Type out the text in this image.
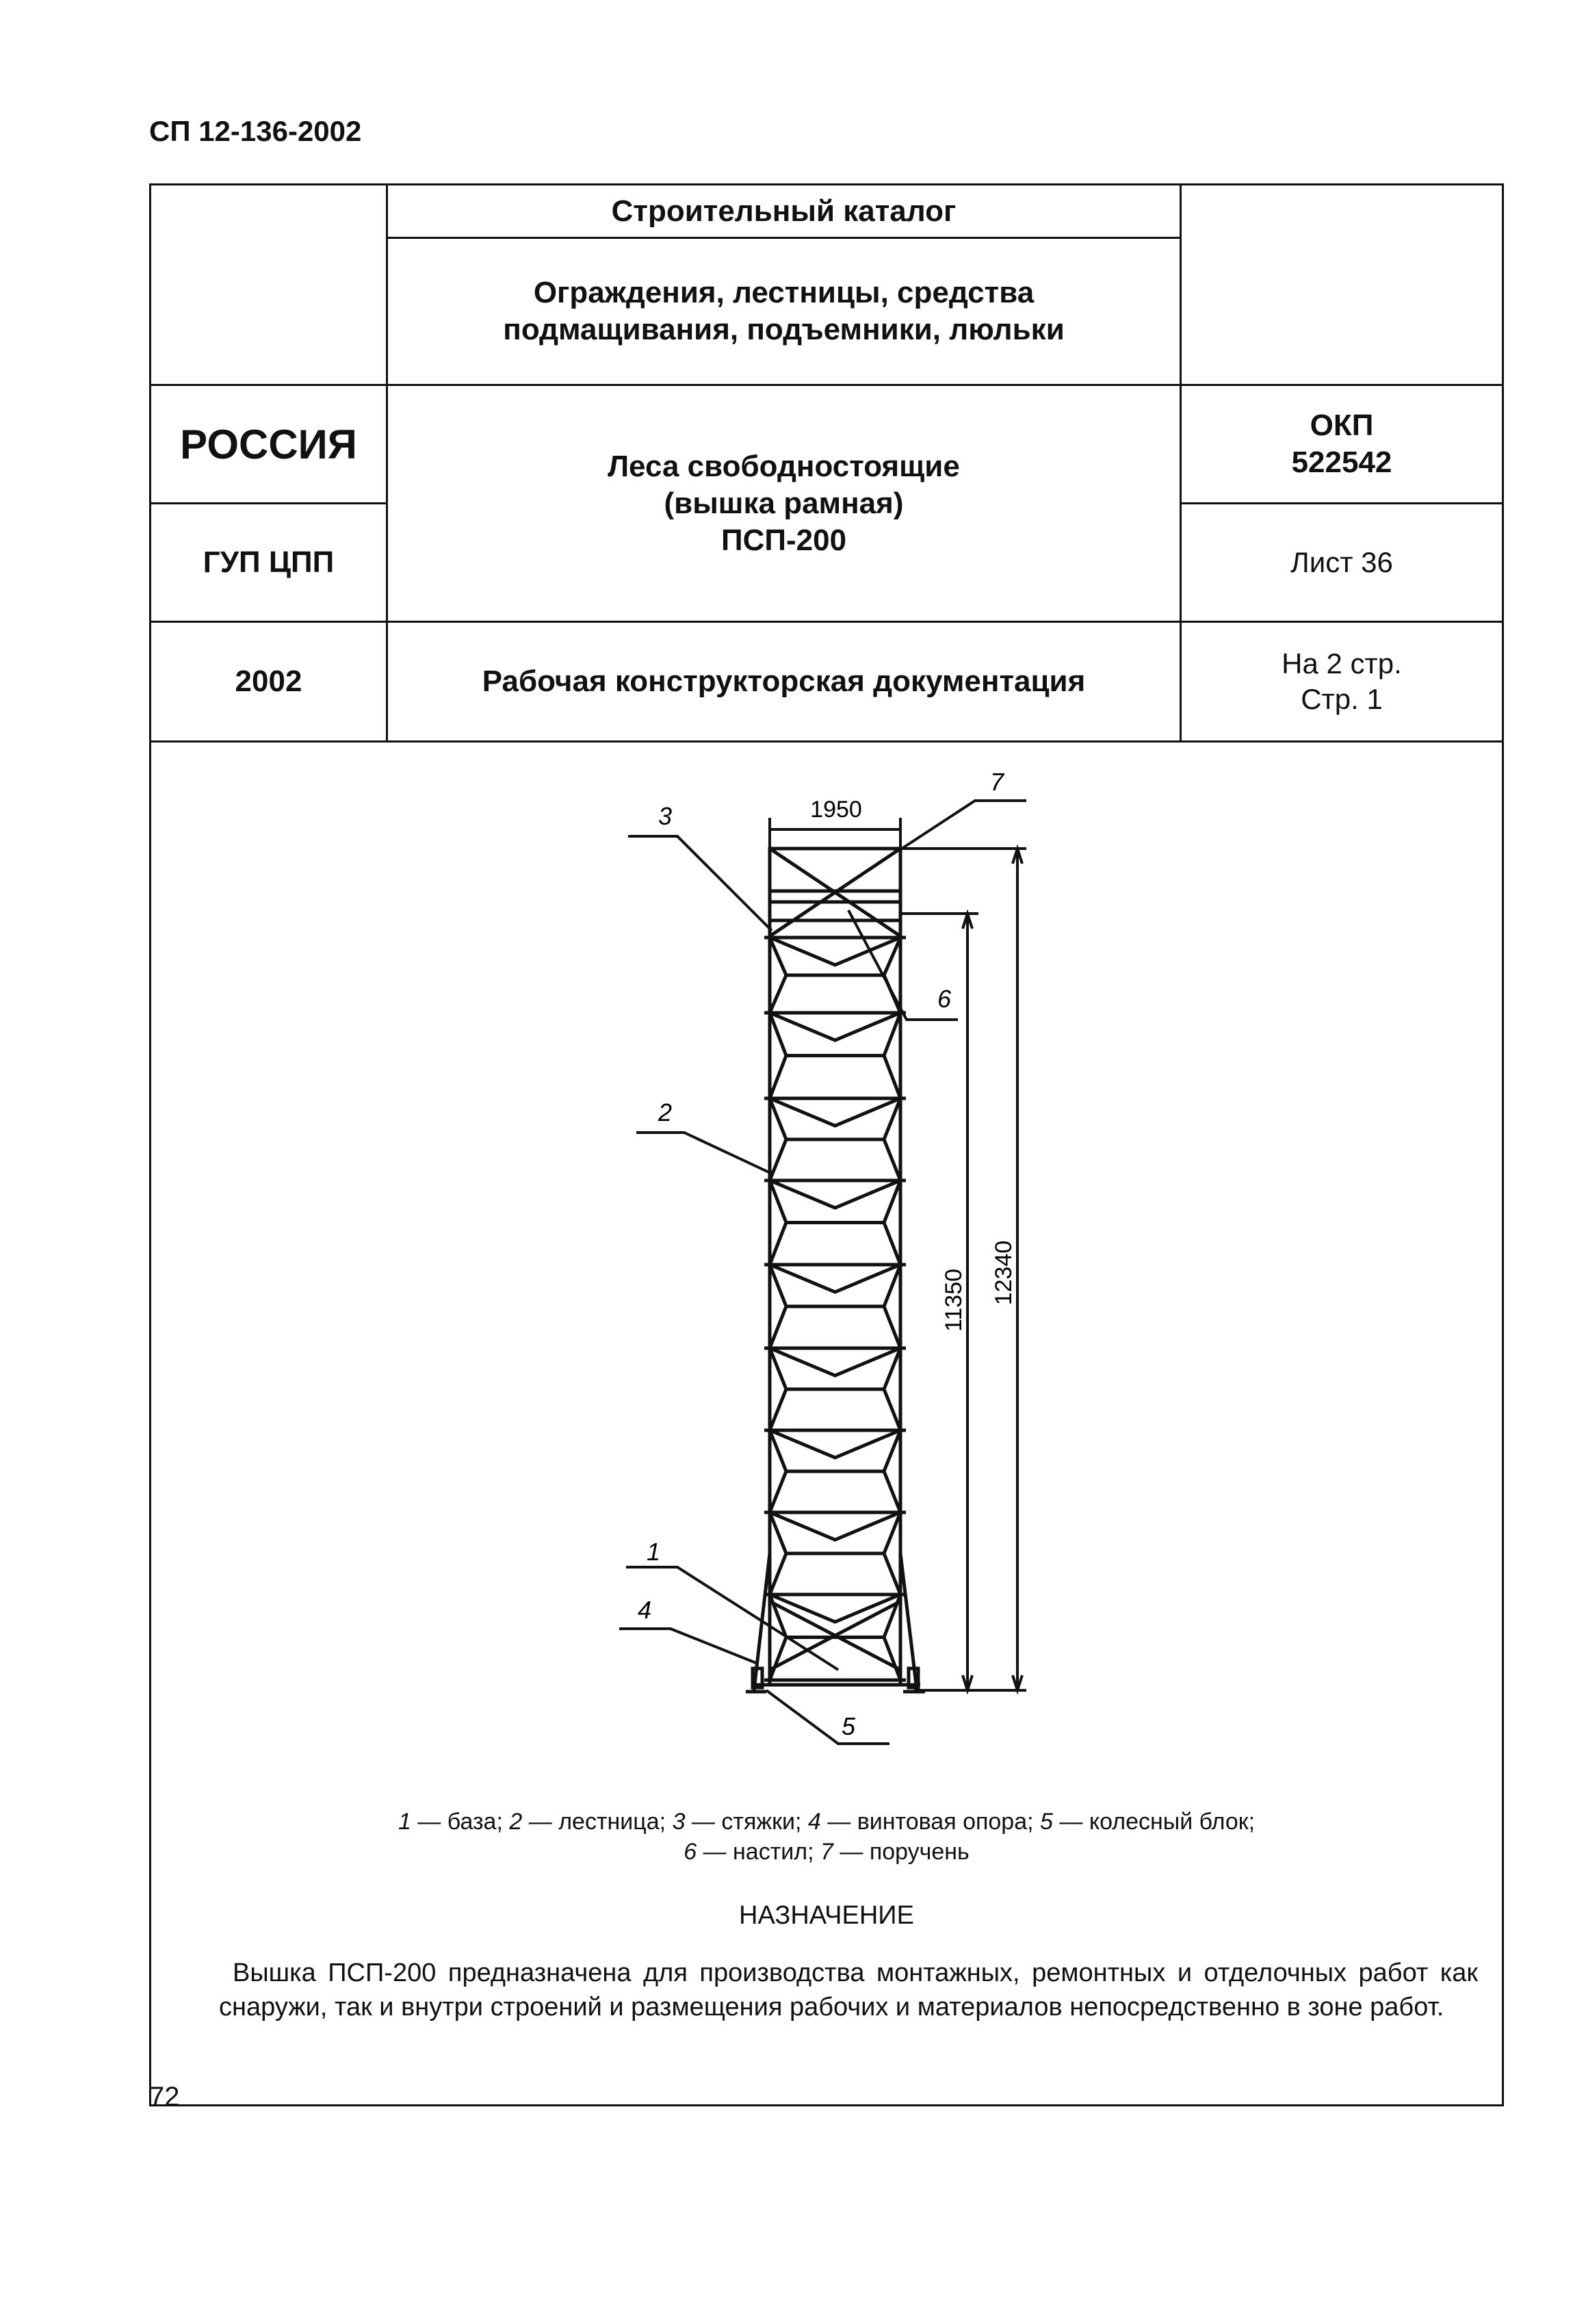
СП 12-136-2002
Строительный каталог
Ограждения, лестницы, средства
подмащивания, подъемники, люльки
РОССИЯ
ГУП ЦПП
Леса свободностоящие
(вышка рамная)
ПСП-200
ОКП
522542
Лист 36
2002	Рабочая конструкторская документация
На 2 стр.
Стр. 1
1950
11350 12340
3
7
6
2
1
4
5
1 — база; 2 — лестница; 3 — стяжки; 4 — винтовая опора; 5 — колесный блок;
6 — настил; 7 — поручень
НАЗНАЧЕНИЕ
Вышка ПСП-200 предназначена для производства монтажных, ремонтных и отделочных работ как снаружи, так и внутри строений и размещения рабочих и материалов непосредственно в зоне работ.
72
